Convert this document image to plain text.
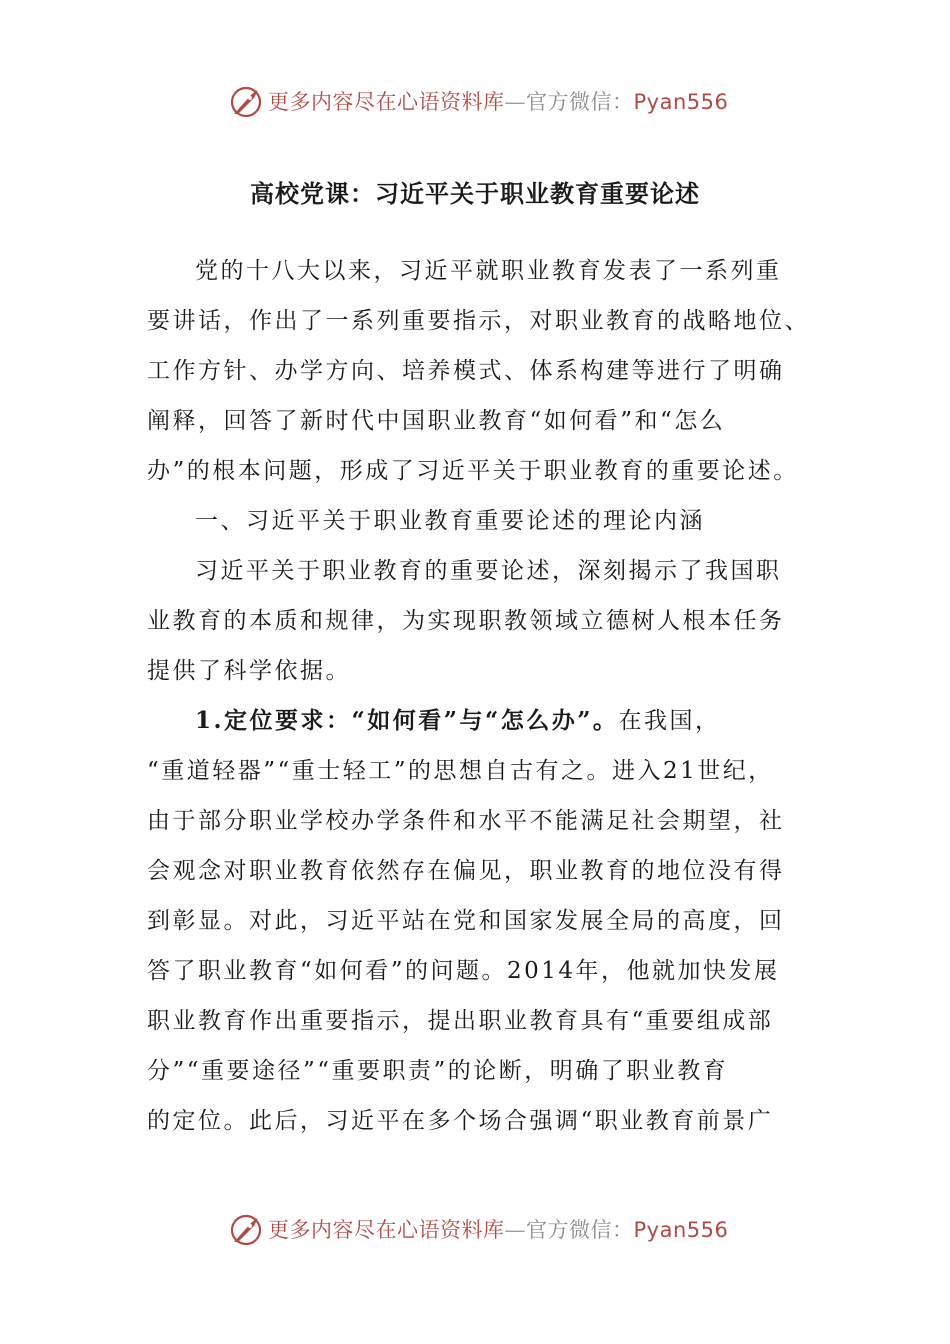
更多内容尽在心语资料库—官方微信：Pyan556
高校党课：习近平关于职业教育重要论述
党的十八大以来，习近平就职业教育发表了一系列重
要讲话，作出了一系列重要指示，对职业教育的战略地位、
工作方针、办学方向、培养模式、体系构建等进行了明确
阐释，回答了新时代中国职业教育“如何看”和“怎么
办”的根本问题，形成了习近平关于职业教育的重要论述。
一、习近平关于职业教育重要论述的理论内涵
习近平关于职业教育的重要论述，深刻揭示了我国职
业教育的本质和规律，为实现职教领域立德树人根本任务
提供了科学依据。
1.定位要求：“如何看”与“怎么办”。在我国，
“重道轻器”“重士轻工”的思想自古有之。进入21世纪，
由于部分职业学校办学条件和水平不能满足社会期望，社
会观念对职业教育依然存在偏见，职业教育的地位没有得
到彰显。对此，习近平站在党和国家发展全局的高度，回
答了职业教育“如何看”的问题。2014年，他就加快发展
职业教育作出重要指示，提出职业教育具有“重要组成部
分”“重要途径”“重要职责”的论断，明确了职业教育
的定位。此后，习近平在多个场合强调“职业教育前景广
更多内容尽在心语资料库—官方微信：Pyan556
